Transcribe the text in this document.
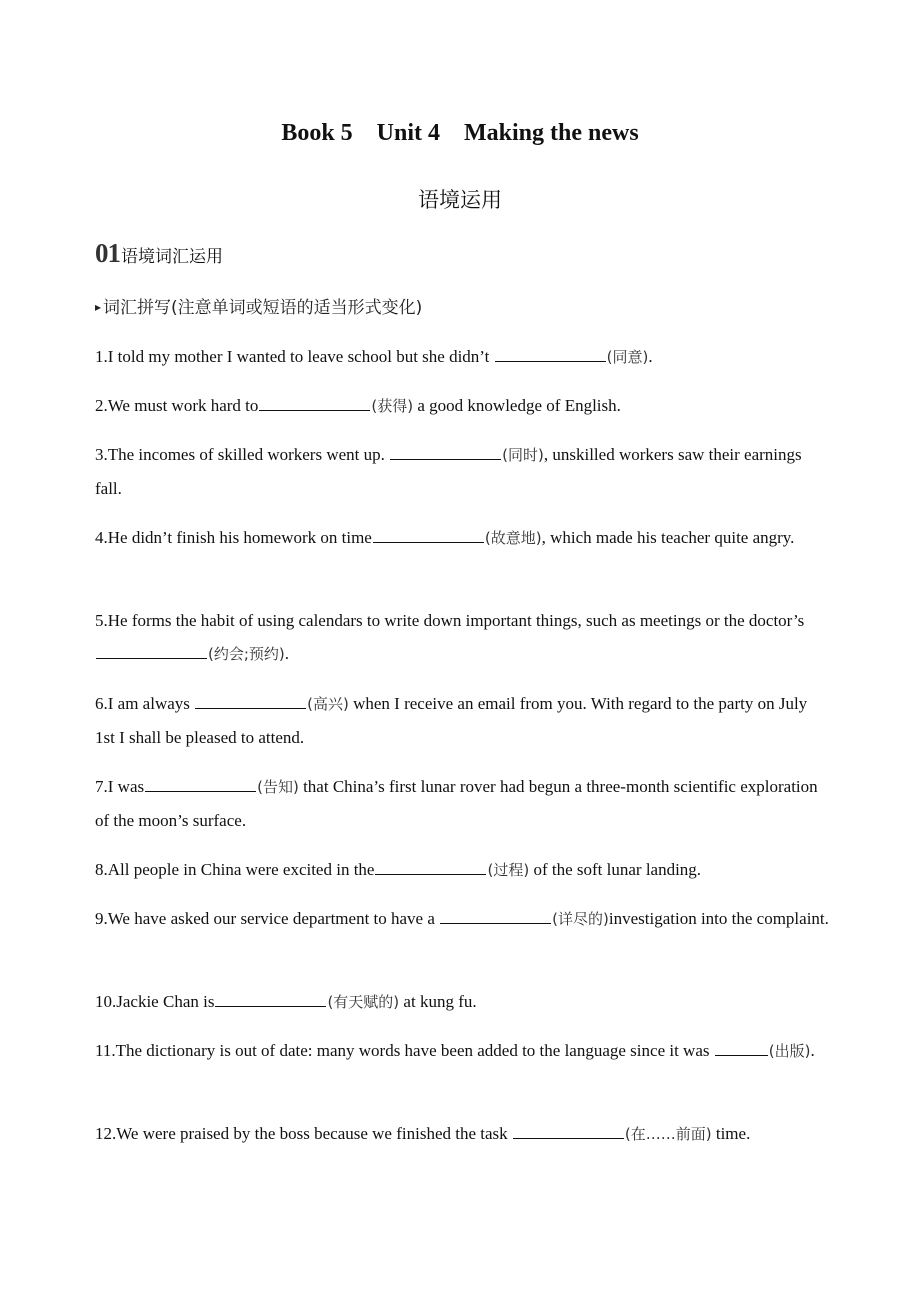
Book 5    Unit 4    Making the news
语境运用
01 语境词汇运用
▸ 词汇拼写(注意单词或短语的适当形式变化)
1.I told my mother I wanted to leave school but she didn’t	(同意).
2.We must work hard to	(获得) a good knowledge of English.
3.The incomes of skilled workers went up.	(同时), unskilled workers saw their earnings fall.
4.He didn’t finish his homework on time	(故意地), which made his teacher quite angry.
5.He forms the habit of using calendars to write down important things, such as meetings or the doctor’s (约会;预约).
6.I am always	(高兴) when I receive an email from you. With regard to the party on July 1st I shall be pleased to attend.
7.I was	(告知) that China’s first lunar rover had begun a three-month scientific exploration of the moon’s surface.
8.All people in China were excited in the	(过程) of the soft lunar landing.
9.We have asked our service department to have a	(详尽的)investigation into the complaint.
10.Jackie Chan is	(有天赋的) at kung fu.
11.The dictionary is out of date: many words have been added to the language since it was	(出版).
12.We were praised by the boss because we finished the task	(在……前面) time.
